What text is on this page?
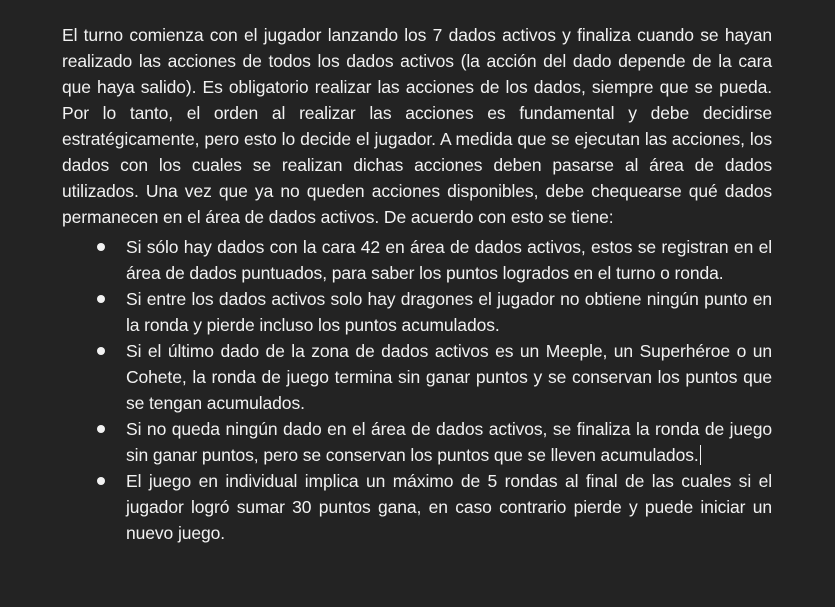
El turno comienza con el jugador lanzando los 7 dados activos y finaliza cuando se hayan realizado las acciones de todos los dados activos (la acción del dado depende de la cara que haya salido). Es obligatorio realizar las acciones de los dados, siempre que se pueda. Por lo tanto, el orden al realizar las acciones es fundamental y debe decidirse estratégicamente, pero esto lo decide el jugador. A medida que se ejecutan las acciones, los dados con los cuales se realizan dichas acciones deben pasarse al área de dados utilizados. Una vez que ya no queden acciones disponibles, debe chequearse qué dados permanecen en el área de dados activos. De acuerdo con esto se tiene:

Si sólo hay dados con la cara 42 en área de dados activos, estos se registran en el área de dados puntuados, para saber los puntos logrados en el turno o ronda.
Si entre los dados activos solo hay dragones el jugador no obtiene ningún punto en la ronda y pierde incluso los puntos acumulados.
Si el último dado de la zona de dados activos es un Meeple, un Superhéroe o un Cohete, la ronda de juego termina sin ganar puntos y se conservan los puntos que se tengan acumulados.
Si no queda ningún dado en el área de dados activos, se finaliza la ronda de juego sin ganar puntos, pero se conservan los puntos que se lleven acumulados.
El juego en individual implica un máximo de 5 rondas al final de las cuales si el jugador logró sumar 30 puntos gana, en caso contrario pierde y puede iniciar un nuevo juego.
